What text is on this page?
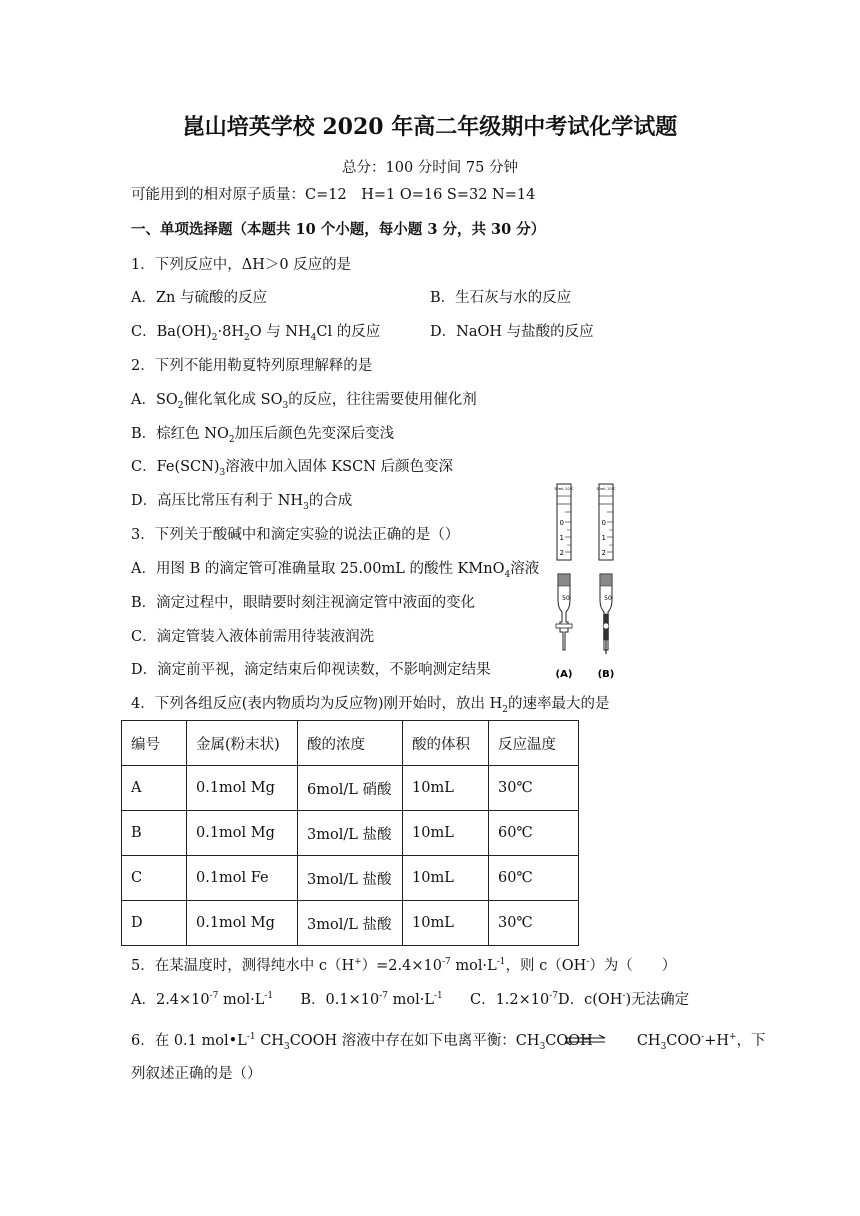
崑山培英学校 2020 年高二年级期中考试化学试题
总分：100 分时间 75 分钟
可能用到的相对原子质量：C=12　H=1 O=16 S=32 N=14
一、单项选择题（本题共 10 个小题，每小题 3 分，共 30 分）
1．下列反应中，ΔH＞0 反应的是
A．Zn 与硫酸的反应	B．生石灰与水的反应
C．$Ba(OH)_2\cdot 8H_2O$ 与 $NH_4Cl$ 的反应	D．NaOH 与盐酸的反应
2．下列不能用勒夏特列原理解释的是
A．$SO_2$催化氧化成 $SO_3$的反应，往往需要使用催化剂
B．棕红色 $NO_2$加压后颜色先变深后变浅
C．$Fe(SCN)_3$溶液中加入固体 KSCN 后颜色变深
D．高压比常压有利于 $NH_3$的合成
3．下列关于酸碱中和滴定实验的说法正确的是（）
A．用图 B 的滴定管可准确量取 25.00mL 的酸性 KMnO$_4$溶液
B．滴定过程中，眼睛要时刻注视滴定管中液面的变化
C．滴定管装入液体前需用待装液润洗
D．滴定前平视，滴定结束后仰视读数，不影响测定结果
50mL 20℃
0
1
2
50mL 20℃
0
1
2
50	50
(A)	(B)
4．下列各组反应(表内物质均为反应物)刚开始时，放出 $H_2$的速率最大的是
编号	金属(粉末状)	酸的浓度	酸的体积	反应温度
A	0.1mol Mg	6mol/L 硝酸	10mL	30℃
B	0.1mol Mg	3mol/L 盐酸	10mL	60℃
C	0.1mol Fe	3mol/L 盐酸	10mL	60℃
D	0.1mol Mg	3mol/L 盐酸	10mL	30℃
5．在某温度时，测得纯水中 $c(H^+)=2.4\times 10^{-7}$ $mol\cdot L^{-1}$，则 c（OH-）为（　　）
A．$2.4\times 10^{-7}$ $mol\cdot L^{-1}$ B．$0.1\times 10^{-7}$ $mol\cdot L^{-1}$ C．$1.2\times 10^{-7}D$．c(OH-)无法确定
6．在 0.1 $mol•L^{-1}$ $CH_3COOH$ 溶液中存在如下电离平衡：$CH_3COOH$	$CH_3COO^-+H^+$，下
列叙述正确的是（）
